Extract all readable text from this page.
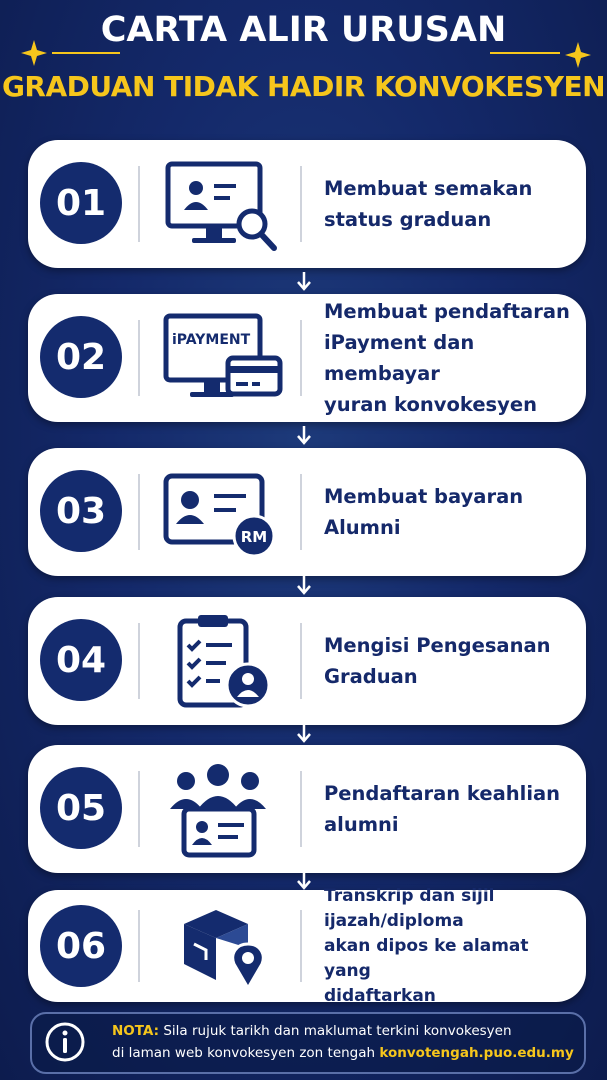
CARTA ALIR URUSAN
GRADUAN TIDAK HADIR KONVOKESYEN
01	Membuat semakan
status graduan
02	iPAYMENT
Membuat pendaftaran
iPayment dan membayar
yuran konvokesyen
03
RM
Membuat bayaran Alumni
04	Mengisi Pengesanan Graduan
05	Pendaftaran keahlian alumni
06
Transkrip dan sijil ijazah/diploma
akan dipos ke alamat yang
didaftarkan
NOTA: Sila rujuk tarikh dan maklumat terkini konvokesyen
di laman web konvokesyen zon tengah konvotengah.puo.edu.my
